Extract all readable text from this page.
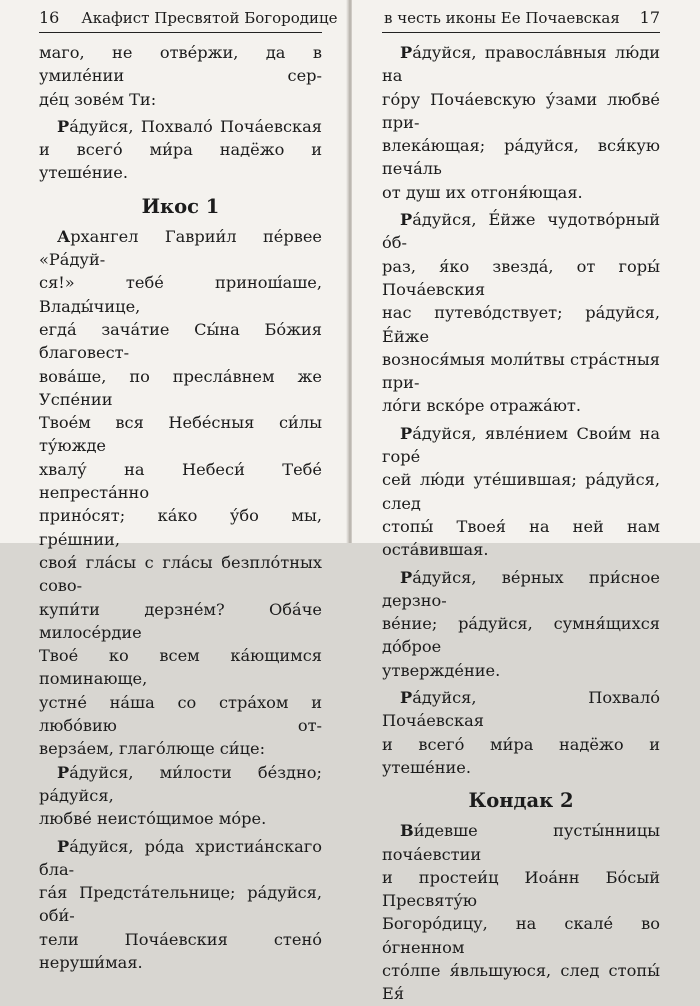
16	Акафист Пресвятой Богородице

маго, не отве́ржи, да в умиле́нии сер-

де́ц зове́м Ти:

Ра́дуйся, Похвало́ Поча́евская

и всего́ ми́ра надёжо и утеше́ние.

Икос 1

Архангел Гаврии́л пе́рвее «Ра́дуй-

ся!» тебе́ принош́аше, Влады́чице,

егда́ зача́тие Сы́на Бо́жия благовест-

вова́ше, по пресла́внем же Успе́нии

Твое́м вся Небе́сныя си́лы ту́южде

хвалу́ на Небеси́ Тебе́ непреста́нно

прино́сят; ка́ко у́бо мы, гре́шнии,

своя́ гла́сы с гла́сы безпло́тных сово-

купи́ти дерзне́м? Оба́че милосе́рдие

Твое́ ко всем ка́ющимся поминающе,

устне́ на́ша со стра́хом и любо́вию от-

верза́ем, глаго́люще си́це:

Ра́дуйся, ми́лости бе́здно; ра́дуйся,

любве́ неисто́щимое мо́ре.

Ра́дуйся, ро́да христиа́нскаго бла-

га́я Предста́тельнице; ра́дуйся, оби́-

тели Поча́евския стено́ неруши́мая.

в честь иконы Ее Почаевская 17

Ра́дуйся, правосла́вныя лю́ди на

го́ру Поча́евскую у́зами любве́ при-

влека́ющая; ра́дуйся, вся́кую печа́ль

от душ их отгоня́ющая.

Ра́дуйся, Е́йже чудотво́рный о́б-

раз, я́ко звезда́, от горы́ Поча́евския

нас путево́дствует; ра́дуйся, Е́йже

вознося́мыя моли́твы стра́стныя при-

ло́ги вско́ре отража́ют.

Ра́дуйся, явле́нием Свои́м на горе́

сей лю́ди уте́шившая; ра́дуйся, след

стопы́ Твоея́ на ней нам оста́вившая.

Ра́дуйся, ве́рных при́сное дерзно-

ве́ние; ра́дуйся, сумня́щихся до́брое

утвержде́ние.

Ра́дуйся, Похвало́ Поча́евская

и всего́ ми́ра надёжо и утеше́ние.

Кондак 2

Ви́девше пусты́нницы поча́евстии

и простеи́ц Иоа́нн Бо́сый Пресвяту́ю

Богоро́дицу, на скале́ во о́гненном

сто́лпе я́вльшуюся, след стопы́ Ея́
